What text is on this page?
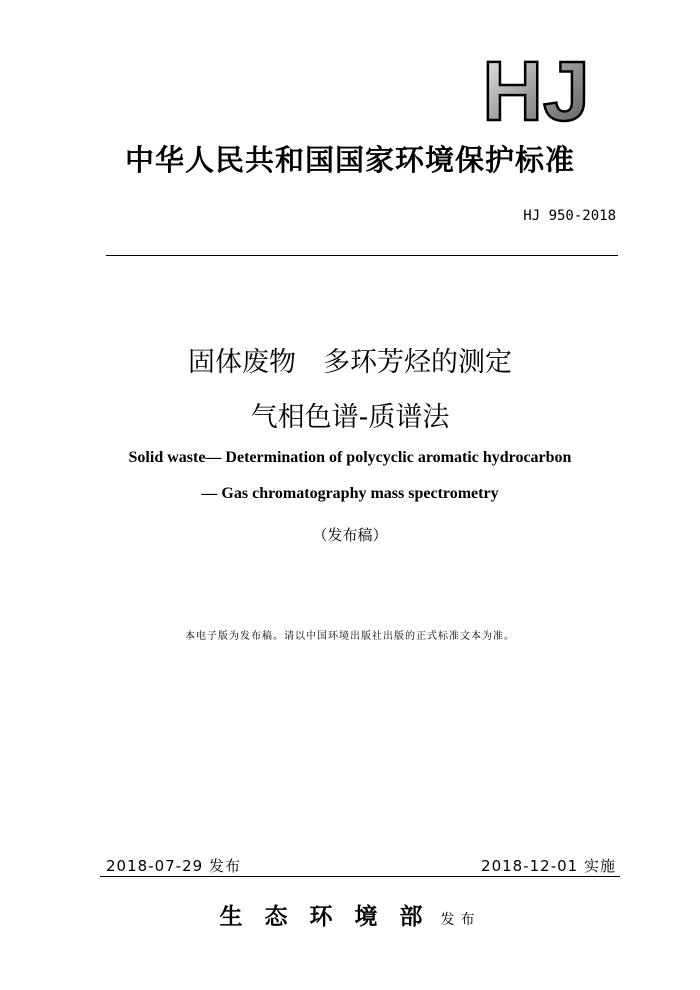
HJ
中华人民共和国国家环境保护标准
HJ 950-2018
固体废物　多环芳烃的测定
气相色谱-质谱法
Solid waste— Determination of polycyclic aromatic hydrocarbon
— Gas chromatography mass spectrometry
（发布稿）
本电子版为发布稿。请以中国环境出版社出版的正式标准文本为准。
2018-07-29 发布	2018-12-01 实施
生态环境部发布
